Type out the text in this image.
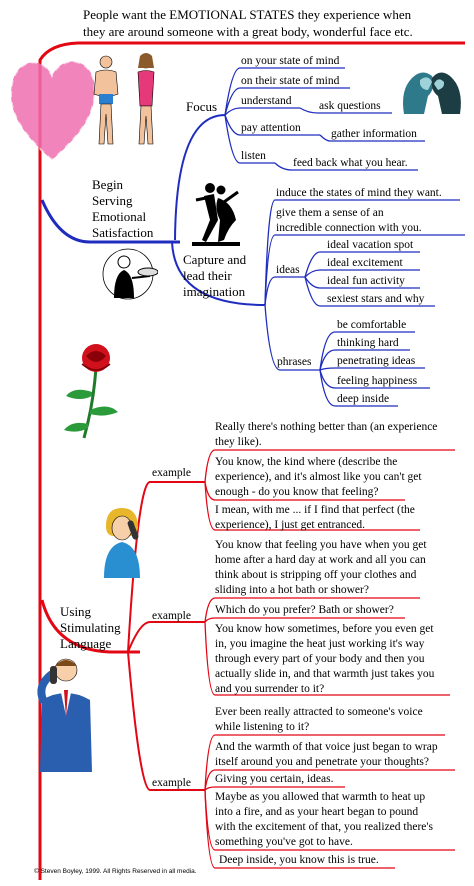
People want the EMOTIONAL STATES they experience when
they are around someone with a great body, wonderful face etc.
Begin
Serving
Emotional
Satisfaction
Focus
on your state of mind
on their state of mind
understand ask questions
pay attention	gather information
listen
feed back what you hear.
Capture and
lead their
imagination
induce the states of mind they want.
give them a sense of an
incredible connection with you.
ideas
ideal vacation spot
ideal excitement
ideal fun activity
sexiest stars and why
phrases
be comfortable
thinking hard
penetrating ideas
feeling happiness
deep inside
Using
Stimulating
Language
example
Really there's nothing better than (an experience
they like).
You know, the kind where (describe the
experience), and it's almost like you can't get
enough - do you know that feeling?
I mean, with me ... if I find that perfect (the
experience), I just get entranced.
example
You know that feeling you have when you get
home after a hard day at work and all you can
think about is stripping off your clothes and
sliding into a hot bath or shower?
Which do you prefer? Bath or shower?
You know how sometimes, before you even get
in, you imagine the heat just working it's way
through every part of your body and then you
actually slide in, and that warmth just takes you
and you surrender to it?
example
Ever been really attracted to someone's voice
while listening to it?
And the warmth of that voice just began to wrap
itself around you and penetrate your thoughts?
Giving you certain, ideas.
Maybe as you allowed that warmth to heat up
into a fire, and as your heart began to pound
with the excitement of that, you realized there's
something you've got to have.
Deep inside, you know this is true.
© Steven Boyley, 1999. All Rights Reserved in all media.
